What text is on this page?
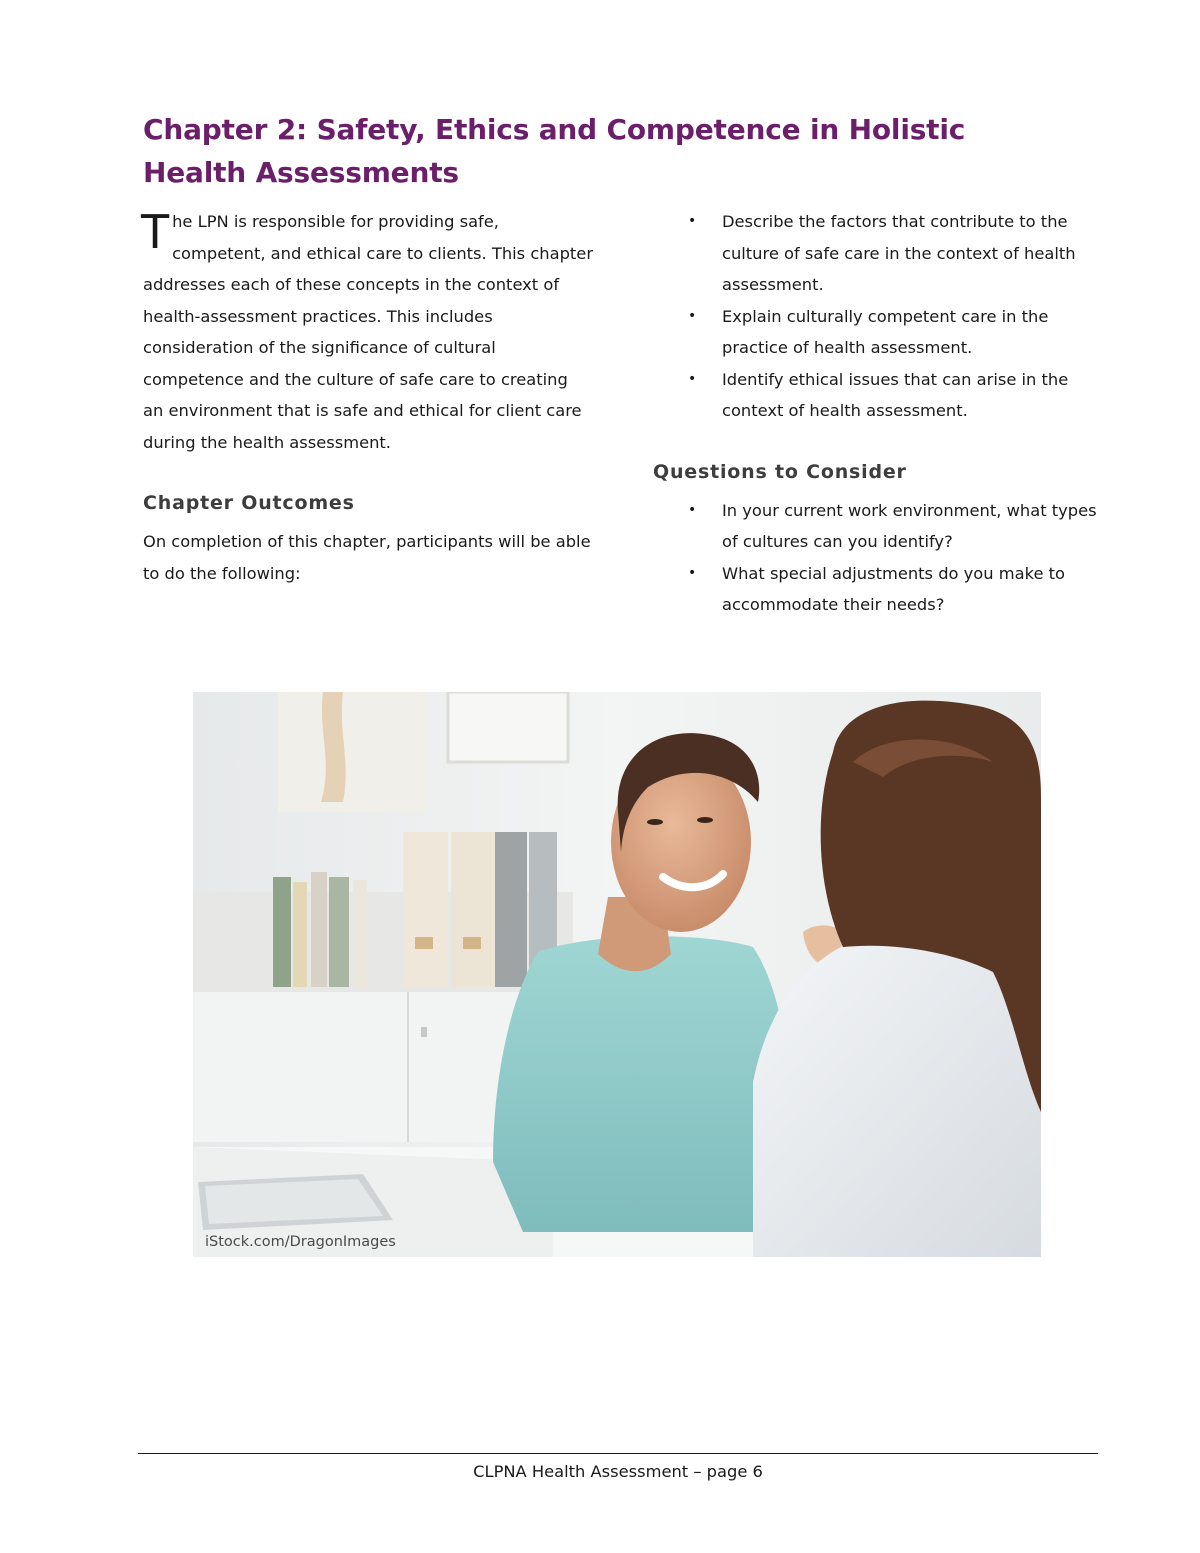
Chapter 2: Safety, Ethics and Competence in Holistic
Health Assessments

The LPN is responsible for providing safe, competent, and ethical care to clients. This chapter addresses each of these concepts in the context of health-assessment practices. This includes consideration of the significance of cultural competence and the culture of safe care to creating an environment that is safe and ethical for client care during the health assessment.

Chapter Outcomes

On completion of this chapter, participants will be able to do the following:

• Describe the factors that contribute to the culture of safe care in the context of health assessment.
• Explain culturally competent care in the practice of health assessment.
• Identify ethical issues that can arise in the context of health assessment.
Questions to Consider
• In your current work environment, what types of cultures can you identify?
• What special adjustments do you make to accommodate their needs?
iStock.com/DragonImages
CLPNA Health Assessment – page 6
